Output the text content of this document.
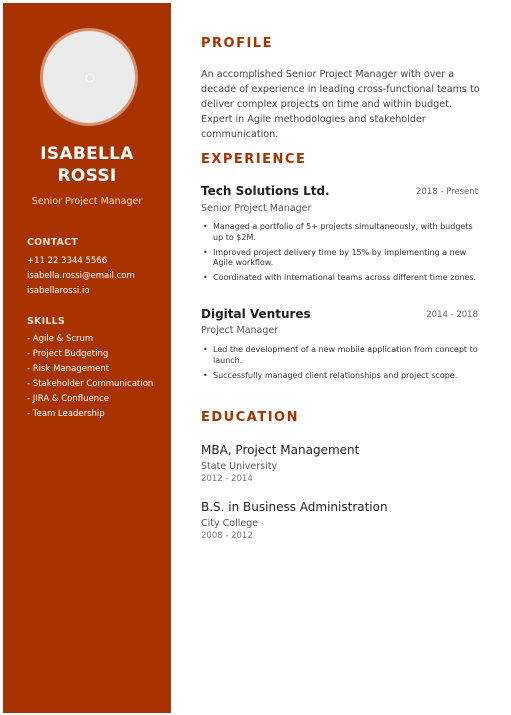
ISABELLA
ROSSI
Senior Project Manager
CONTACT
+11 22 3344 5566
isabella.rossi@email.com
isabellarossi.io
SKILLS
- Agile & Scrum
- Project Budgeting
- Risk Management
- Stakeholder Communication
- JIRA & Confluence
- Team Leadership
PROFILE
An accomplished Senior Project Manager with over a decade of experience in leading cross-functional teams to deliver complex projects on time and within budget. Expert in Agile methodologies and stakeholder communication.
EXPERIENCE
Tech Solutions Ltd.	2018 - Present
Senior Project Manager
• Managed a portfolio of 5+ projects simultaneously, with budgets up to $2M.
• Improved project delivery time by 15% by implementing a new Agile workflow.
• Coordinated with international teams across different time zones.
Digital Ventures	2014 - 2018
Project Manager
• Led the development of a new mobile application from concept to launch.
• Successfully managed client relationships and project scope.
EDUCATION
MBA, Project Management
State University
2012 - 2014
B.S. in Business Administration
City College
2008 - 2012
